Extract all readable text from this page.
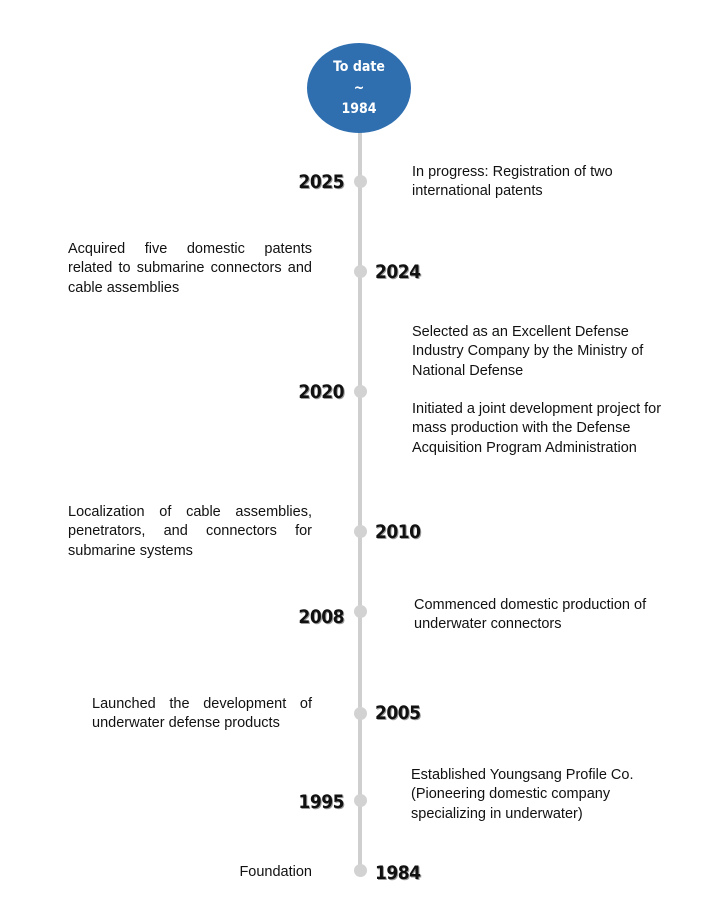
To date
~
1984
2025	In progress: Registration of two international patents

2024

Acquired five domestic patents related to submarine connectors and cable assemblies

2020

Selected as an Excellent Defense Industry Company by the Ministry of National Defense

Initiated a joint development project for mass production with the Defense Acquisition Program Administration

2010

Localization of cable assemblies, penetrators, and connectors for submarine systems

2008

Commenced domestic production of underwater connectors

2005

Launched the development of underwater defense products

1995

Established Youngsang Profile Co. (Pioneering domestic company specializing in underwater)

1984

Foundation
